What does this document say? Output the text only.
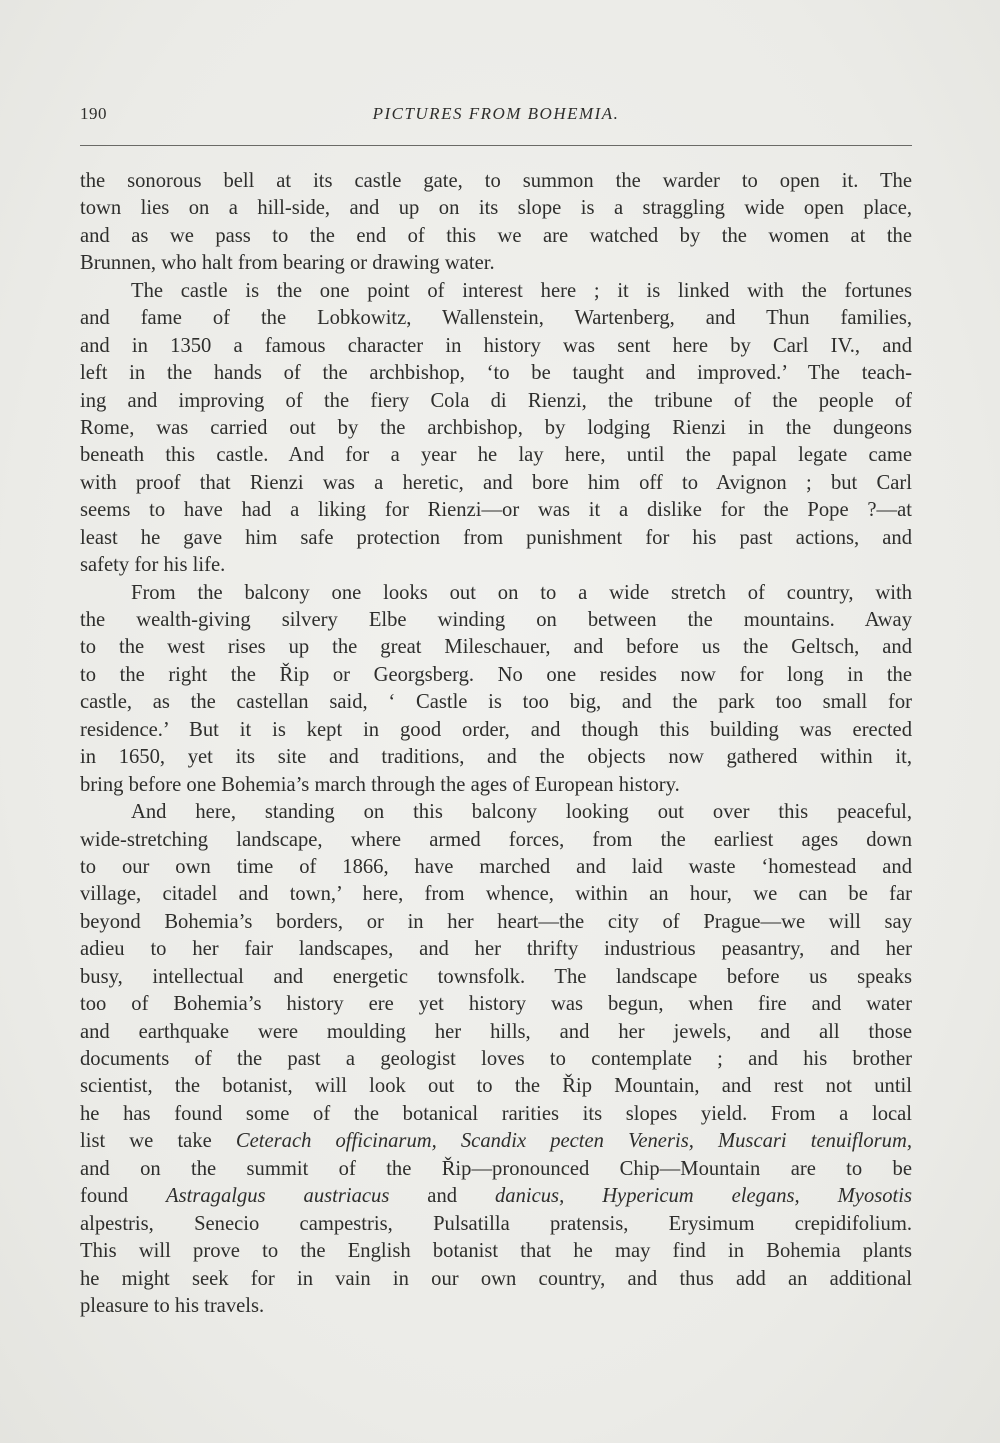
190	PICTURES FROM BOHEMIA.
the sonorous bell at its castle gate, to summon the warder to open it. The
town lies on a hill-side, and up on its slope is a straggling wide open place,
and as we pass to the end of this we are watched by the women at the
Brunnen, who halt from bearing or drawing water.
The castle is the one point of interest here ; it is linked with the fortunes
and fame of the Lobkowitz, Wallenstein, Wartenberg, and Thun families,
and in 1350 a famous character in history was sent here by Carl IV., and
left in the hands of the archbishop, ‘to be taught and improved.’ The teach-
ing and improving of the fiery Cola di Rienzi, the tribune of the people of
Rome, was carried out by the archbishop, by lodging Rienzi in the dungeons
beneath this castle. And for a year he lay here, until the papal legate came
with proof that Rienzi was a heretic, and bore him off to Avignon ; but Carl
seems to have had a liking for Rienzi—or was it a dislike for the Pope ?—at
least he gave him safe protection from punishment for his past actions, and
safety for his life.
From the balcony one looks out on to a wide stretch of country, with
the wealth-giving silvery Elbe winding on between the mountains. Away
to the west rises up the great Mileschauer, and before us the Geltsch, and
to the right the Řip or Georgsberg. No one resides now for long in the
castle, as the castellan said, ‘ Castle is too big, and the park too small for
residence.’ But it is kept in good order, and though this building was erected
in 1650, yet its site and traditions, and the objects now gathered within it,
bring before one Bohemia’s march through the ages of European history.
And here, standing on this balcony looking out over this peaceful,
wide-stretching landscape, where armed forces, from the earliest ages down
to our own time of 1866, have marched and laid waste ‘homestead and
village, citadel and town,’ here, from whence, within an hour, we can be far
beyond Bohemia’s borders, or in her heart—the city of Prague—we will say
adieu to her fair landscapes, and her thrifty industrious peasantry, and her
busy, intellectual and energetic townsfolk. The landscape before us speaks
too of Bohemia’s history ere yet history was begun, when fire and water
and earthquake were moulding her hills, and her jewels, and all those
documents of the past a geologist loves to contemplate ; and his brother
scientist, the botanist, will look out to the Řip Mountain, and rest not until
he has found some of the botanical rarities its slopes yield. From a local
list we take Ceterach officinarum, Scandix pecten Veneris, Muscari tenuiflorum,
and on the summit of the Řip—pronounced Chip—Mountain are to be
found Astragalgus austriacus and danicus, Hypericum elegans, Myosotis
alpestris, Senecio campestris, Pulsatilla pratensis, Erysimum crepidifolium.
This will prove to the English botanist that he may find in Bohemia plants
he might seek for in vain in our own country, and thus add an additional
pleasure to his travels.
